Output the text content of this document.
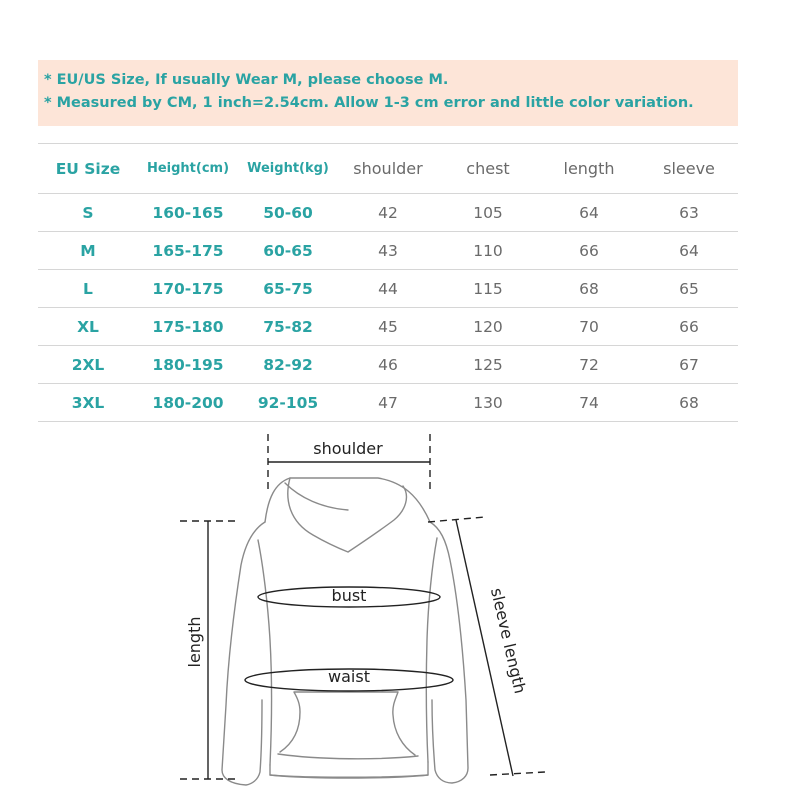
* EU/US Size, If usually Wear M, please choose M.
* Measured by CM, 1 inch=2.54cm. Allow 1-3 cm error and little color variation.
EU Size	Height(cm)	Weight(kg)	shoulder	chest	length	sleeve
S	160-165	50-60	42	105	64	63
M	165-175	60-65	43	110	66	64
L	170-175	65-75	44	115	68	65
XL	175-180	75-82	45	120	70	66
2XL	180-195	82-92	46	125	72	67
3XL	180-200	92-105	47	130	74	68
shoulder
length	sleeve length
bust
waist
